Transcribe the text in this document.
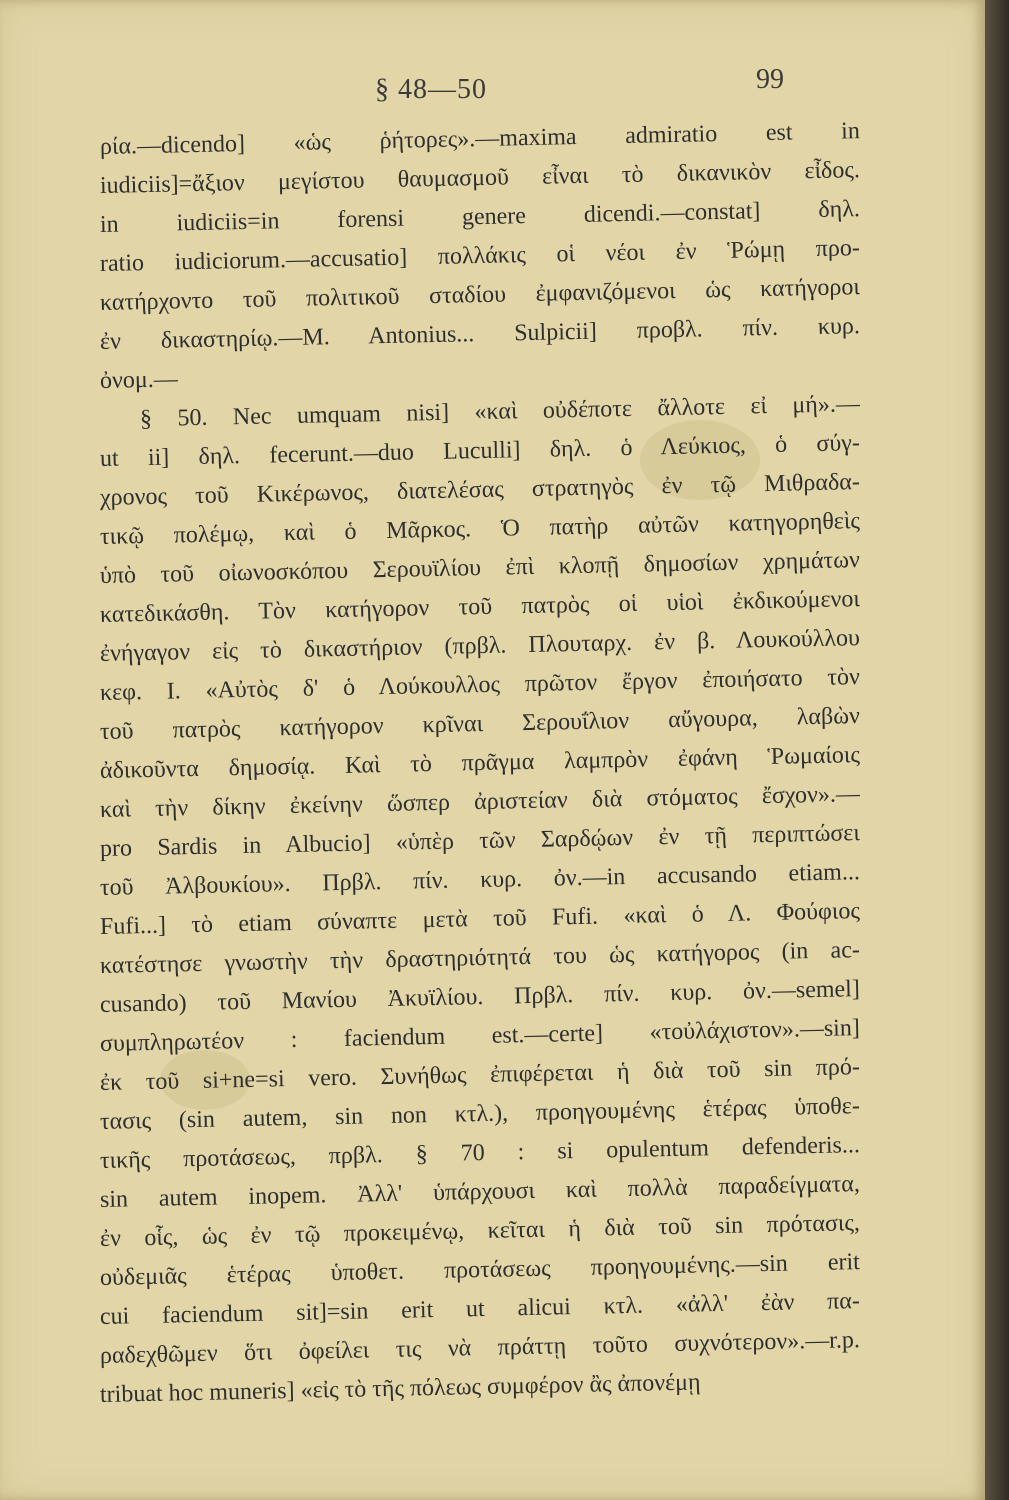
§ 48—50	99
ρία.—dicendo] «ὡς ῥήτορες».—maxima admiratio est in
iudiciis]=ἄξιον μεγίστου θαυμασμοῦ εἶναι τὸ δικανικὸν εἶδος.
in iudiciis=in forensi genere dicendi.—constat] δηλ.
ratio iudiciorum.—accusatio] πολλάκις οἱ νέοι ἐν Ῥώμῃ προ-
κατήρχοντο τοῦ πολιτικοῦ σταδίου ἐμφανιζόμενοι ὡς κατήγοροι
ἐν δικαστηρίῳ.—M. Antonius... Sulpicii] προβλ. πίν. κυρ.
ὀνομ.—
§ 50. Nec umquam nisi] «καὶ οὐδέποτε ἄλλοτε εἰ μή».—
ut ii] δηλ. fecerunt.—duo Luculli] δηλ. ὁ Λεύκιος, ὁ σύγ-
χρονος τοῦ Κικέρωνος, διατελέσας στρατηγὸς ἐν τῷ Μιθραδα-
τικῷ πολέμῳ, καὶ ὁ Μᾶρκος. Ὁ πατὴρ αὐτῶν κατηγορηθεὶς
ὑπὸ τοῦ οἰωνοσκόπου Σερουϊλίου ἐπὶ κλοπῇ δημοσίων χρημάτων
κατεδικάσθη. Τὸν κατήγορον τοῦ πατρὸς οἱ υἱοὶ ἐκδικούμενοι
ἐνήγαγον εἰς τὸ δικαστήριον (πρβλ. Πλουταρχ. ἐν β. Λουκούλλου
κεφ. Ι. «Αὐτὸς δ' ὁ Λούκουλλος πρῶτον ἔργον ἐποιήσατο τὸν
τοῦ πατρὸς κατήγορον κρῖναι Σερουΐλιον αὔγουρα, λαβὼν
ἀδικοῦντα δημοσίᾳ. Καὶ τὸ πρᾶγμα λαμπρὸν ἐφάνη Ῥωμαίοις
καὶ τὴν δίκην ἐκείνην ὥσπερ ἀριστείαν διὰ στόματος ἔσχον».—
pro Sardis in Albucio] «ὑπὲρ τῶν Σαρδῴων ἐν τῇ περιπτώσει
τοῦ Ἀλβουκίου». Πρβλ. πίν. κυρ. ὀν.—in accusando etiam...
Fufi...] τὸ etiam σύναπτε μετὰ τοῦ Fufi. «καὶ ὁ Λ. Φούφιος
κατέστησε γνωστὴν τὴν δραστηριότητά του ὡς κατήγορος (in ac-
cusando) τοῦ Μανίου Ἀκυϊλίου. Πρβλ. πίν. κυρ. ὀν.—semel]
συμπληρωτέον : faciendum est.—certe] «τοὐλάχιστον».—sin]
ἐκ τοῦ si+ne=si vero. Συνήθως ἐπιφέρεται ἡ διὰ τοῦ sin πρό-
τασις (sin autem, sin non κτλ.), προηγουμένης ἑτέρας ὑποθε-
τικῆς προτάσεως, πρβλ. § 70 : si opulentum defenderis...
sin autem inopem. Ἀλλ' ὑπάρχουσι καὶ πολλὰ παραδείγματα,
ἐν οἷς, ὡς ἐν τῷ προκειμένῳ, κεῖται ἡ διὰ τοῦ sin πρότασις,
οὐδεμιᾶς ἑτέρας ὑποθετ. προτάσεως προηγουμένης.—sin erit
cui faciendum sit]=sin erit ut alicui κτλ. «ἀλλ' ἐὰν πα-
ραδεχθῶμεν ὅτι ὀφείλει τις νὰ πράττῃ τοῦτο συχνότερον».—r.p.
tribuat hoc muneris] «εἰς τὸ τῆς πόλεως συμφέρον ἂς ἀπονέμῃ
